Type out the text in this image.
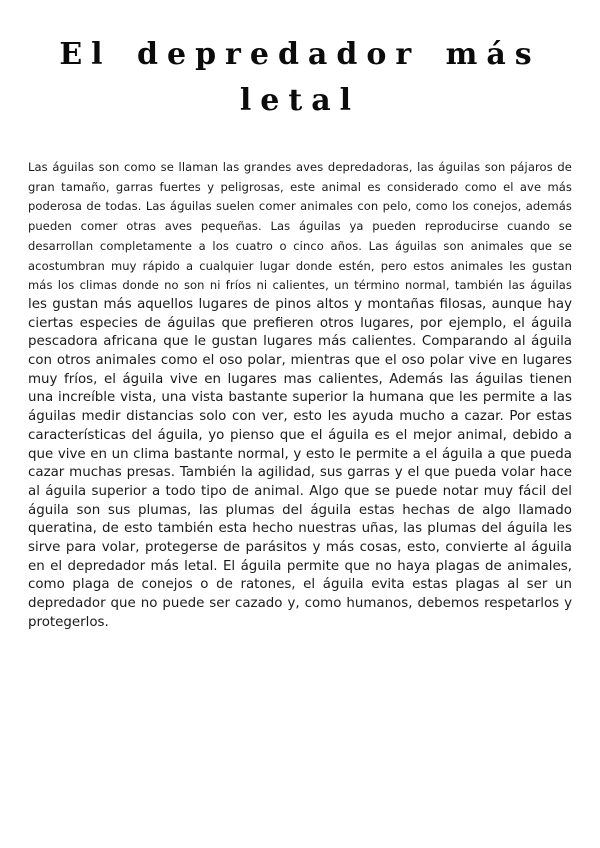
El depredador más letal

Las águilas son como se llaman las grandes aves depredadoras, las águilas son pájaros de gran tamaño, garras fuertes y peligrosas, este animal es considerado como el ave más poderosa de todas. Las águilas suelen comer animales con pelo, como los conejos, además pueden comer otras aves pequeñas. Las águilas ya pueden reproducirse cuando se desarrollan completamente a los cuatro o cinco años. Las águilas son animales que se acostumbran muy rápido a cualquier lugar donde estén, pero estos animales les gustan más los climas donde no son ni fríos ni calientes, un término normal, también las águilas les gustan más aquellos lugares de pinos altos y montañas filosas, aunque hay ciertas especies de águilas que prefieren otros lugares, por ejemplo, el águila pescadora africana que le gustan lugares más calientes. Comparando al águila con otros animales como el oso polar, mientras que el oso polar vive en lugares muy fríos, el águila vive en lugares mas calientes, Además las águilas tienen una increíble vista, una vista bastante superior la humana que les permite a las águilas medir distancias solo con ver, esto les ayuda mucho a cazar. Por estas características del águila, yo pienso que el águila es el mejor animal, debido a que vive en un clima bastante normal, y esto le permite a el águila a que pueda cazar muchas presas. También la agilidad, sus garras y el que pueda volar hace al águila superior a todo tipo de animal. Algo que se puede notar muy fácil del águila son sus plumas, las plumas del águila estas hechas de algo llamado queratina, de esto también esta hecho nuestras uñas, las plumas del águila les sirve para volar, protegerse de parásitos y más cosas, esto, convierte al águila en el depredador más letal. El águila permite que no haya plagas de animales, como plaga de conejos o de ratones, el águila evita estas plagas al ser un depredador que no puede ser cazado y, como humanos, debemos respetarlos y protegerlos.
